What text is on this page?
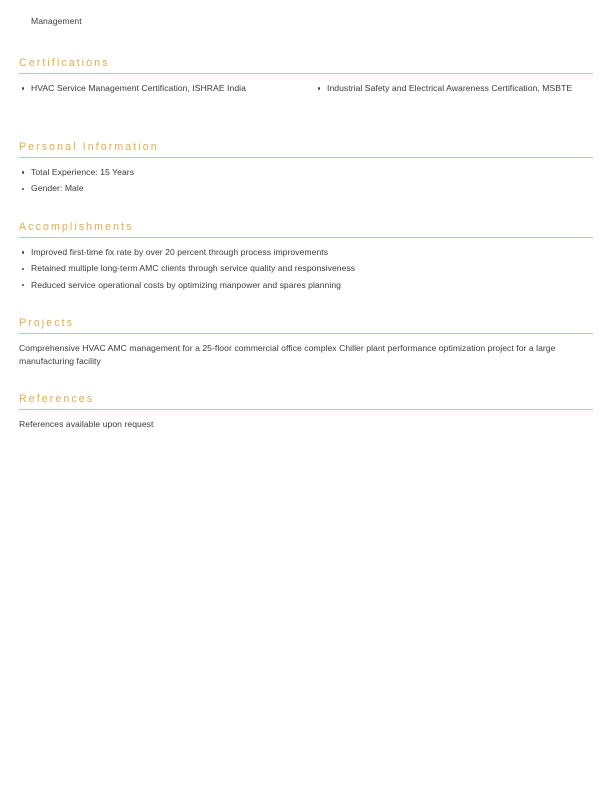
Management
Certifications
HVAC Service Management Certification, ISHRAE India	Industrial Safety and Electrical Awareness Certification, MSBTE
Personal Information
Total Experience: 15 Years
Gender: Male
Accomplishments
Improved first-time fix rate by over 20 percent through process improvements
Retained multiple long-term AMC clients through service quality and responsiveness
Reduced service operational costs by optimizing manpower and spares planning
Projects

Comprehensive HVAC AMC management for a 25-floor commercial office complex Chiller plant performance optimization project for a large manufacturing facility

References

References available upon request
